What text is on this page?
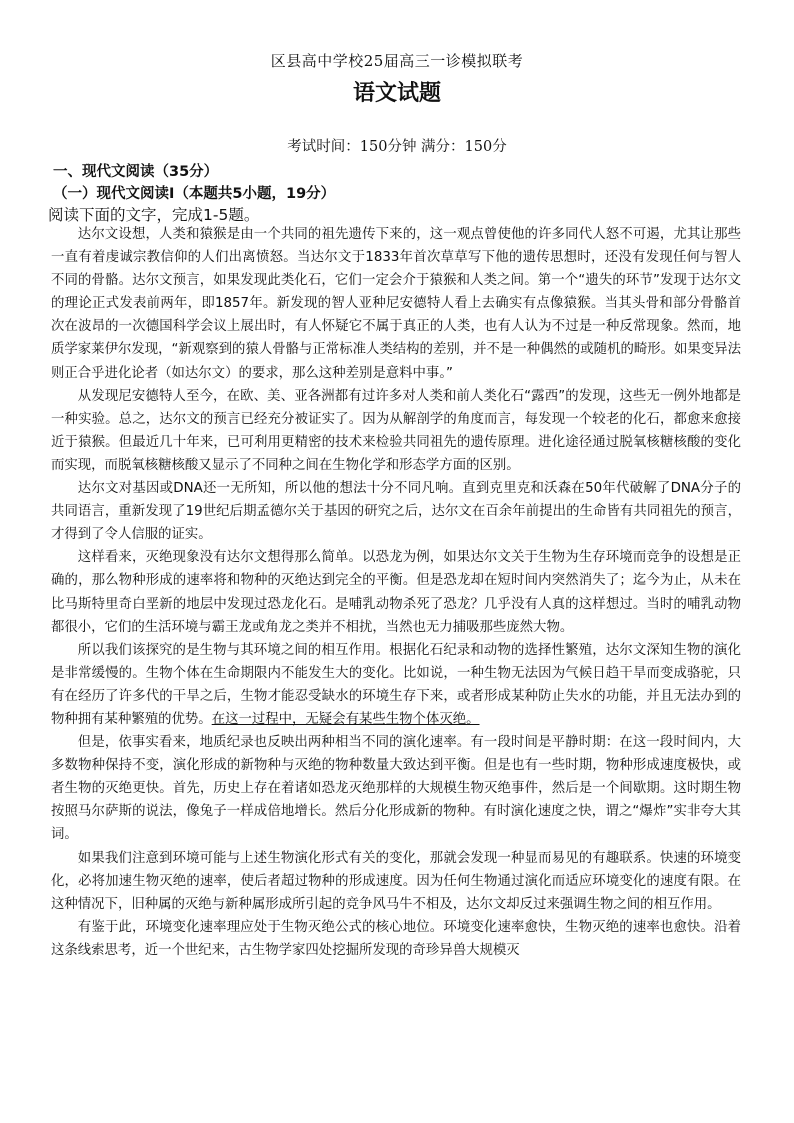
区县高中学校25届高三一诊模拟联考
语文试题
考试时间：150分钟 满分：150分
一、现代文阅读（35分）
（一）现代文阅读Ⅰ（本题共5小题，19分）
阅读下面的文字，完成1-5题。

达尔文设想，人类和猿猴是由一个共同的祖先遗传下来的，这一观点曾使他的许多同代人怒不可遏，尤其让那些一直有着虔诚宗教信仰的人们出离愤怒。当达尔文于1833年首次草草写下他的遗传思想时，还没有发现任何与智人不同的骨骼。达尔文预言，如果发现此类化石，它们一定会介于猿猴和人类之间。第一个“遗失的环节”发现于达尔文的理论正式发表前两年，即1857年。新发现的智人亚种尼安德特人看上去确实有点像猿猴。当其头骨和部分骨骼首次在波昂的一次德国科学会议上展出时，有人怀疑它不属于真正的人类，也有人认为不过是一种反常现象。然而，地质学家莱伊尔发现，“新观察到的猿人骨骼与正常标准人类结构的差别，并不是一种偶然的或随机的畸形。如果变异法则正合乎进化论者（如达尔文）的要求，那么这种差别是意料中事。”

从发现尼安德特人至今，在欧、美、亚各洲都有过许多对人类和前人类化石“露西”的发现，这些无一例外地都是一种实验。总之，达尔文的预言已经充分被证实了。因为从解剖学的角度而言，每发现一个较老的化石，都愈来愈接近于猿猴。但最近几十年来，已可利用更精密的技术来检验共同祖先的遗传原理。进化途径通过脱氧核糖核酸的变化而实现，而脱氧核糖核酸又显示了不同种之间在生物化学和形态学方面的区别。

达尔文对基因或DNA还一无所知，所以他的想法十分不同凡响。直到克里克和沃森在50年代破解了DNA分子的共同语言，重新发现了19世纪后期孟德尔关于基因的研究之后，达尔文在百余年前提出的生命皆有共同祖先的预言，才得到了令人信服的证实。

这样看来，灭绝现象没有达尔文想得那么简单。以恐龙为例，如果达尔文关于生物为生存环境而竞争的设想是正确的，那么物种形成的速率将和物种的灭绝达到完全的平衡。但是恐龙却在短时间内突然消失了；迄今为止，从未在比马斯特里奇白垩新的地层中发现过恐龙化石。是哺乳动物杀死了恐龙？几乎没有人真的这样想过。当时的哺乳动物都很小，它们的生活环境与霸王龙或角龙之类并不相扰，当然也无力捕吸那些庞然大物。

所以我们该探究的是生物与其环境之间的相互作用。根据化石纪录和动物的选择性繁殖，达尔文深知生物的演化是非常缓慢的。生物个体在生命期限内不能发生大的变化。比如说，一种生物无法因为气候日趋干旱而变成骆驼，只有在经历了许多代的干旱之后，生物才能忍受缺水的环境生存下来，或者形成某种防止失水的功能，并且无法办到的物种拥有某种繁殖的优势。在这一过程中，无疑会有某些生物个体灭绝。

但是，依事实看来，地质纪录也反映出两种相当不同的演化速率。有一段时间是平静时期：在这一段时间内，大多数物种保持不变，演化形成的新物种与灭绝的物种数量大致达到平衡。但是也有一些时期，物种形成速度极快，或者生物的灭绝更快。首先，历史上存在着诸如恐龙灭绝那样的大规模生物灭绝事件，然后是一个间歇期。这时期生物按照马尔萨斯的说法，像兔子一样成倍地增长。然后分化形成新的物种。有时演化速度之快，谓之“爆炸”实非夸大其词。

如果我们注意到环境可能与上述生物演化形式有关的变化，那就会发现一种显而易见的有趣联系。快速的环境变化，必将加速生物灭绝的速率，使后者超过物种的形成速度。因为任何生物通过演化而适应环境变化的速度有限。在这种情况下，旧种属的灭绝与新种属形成所引起的竞争风马牛不相及，达尔文却反过来强调生物之间的相互作用。

有鉴于此，环境变化速率理应处于生物灭绝公式的核心地位。环境变化速率愈快，生物灭绝的速率也愈快。沿着这条线索思考，近一个世纪来，古生物学家四处挖掘所发现的奇珍异兽大规模灭
